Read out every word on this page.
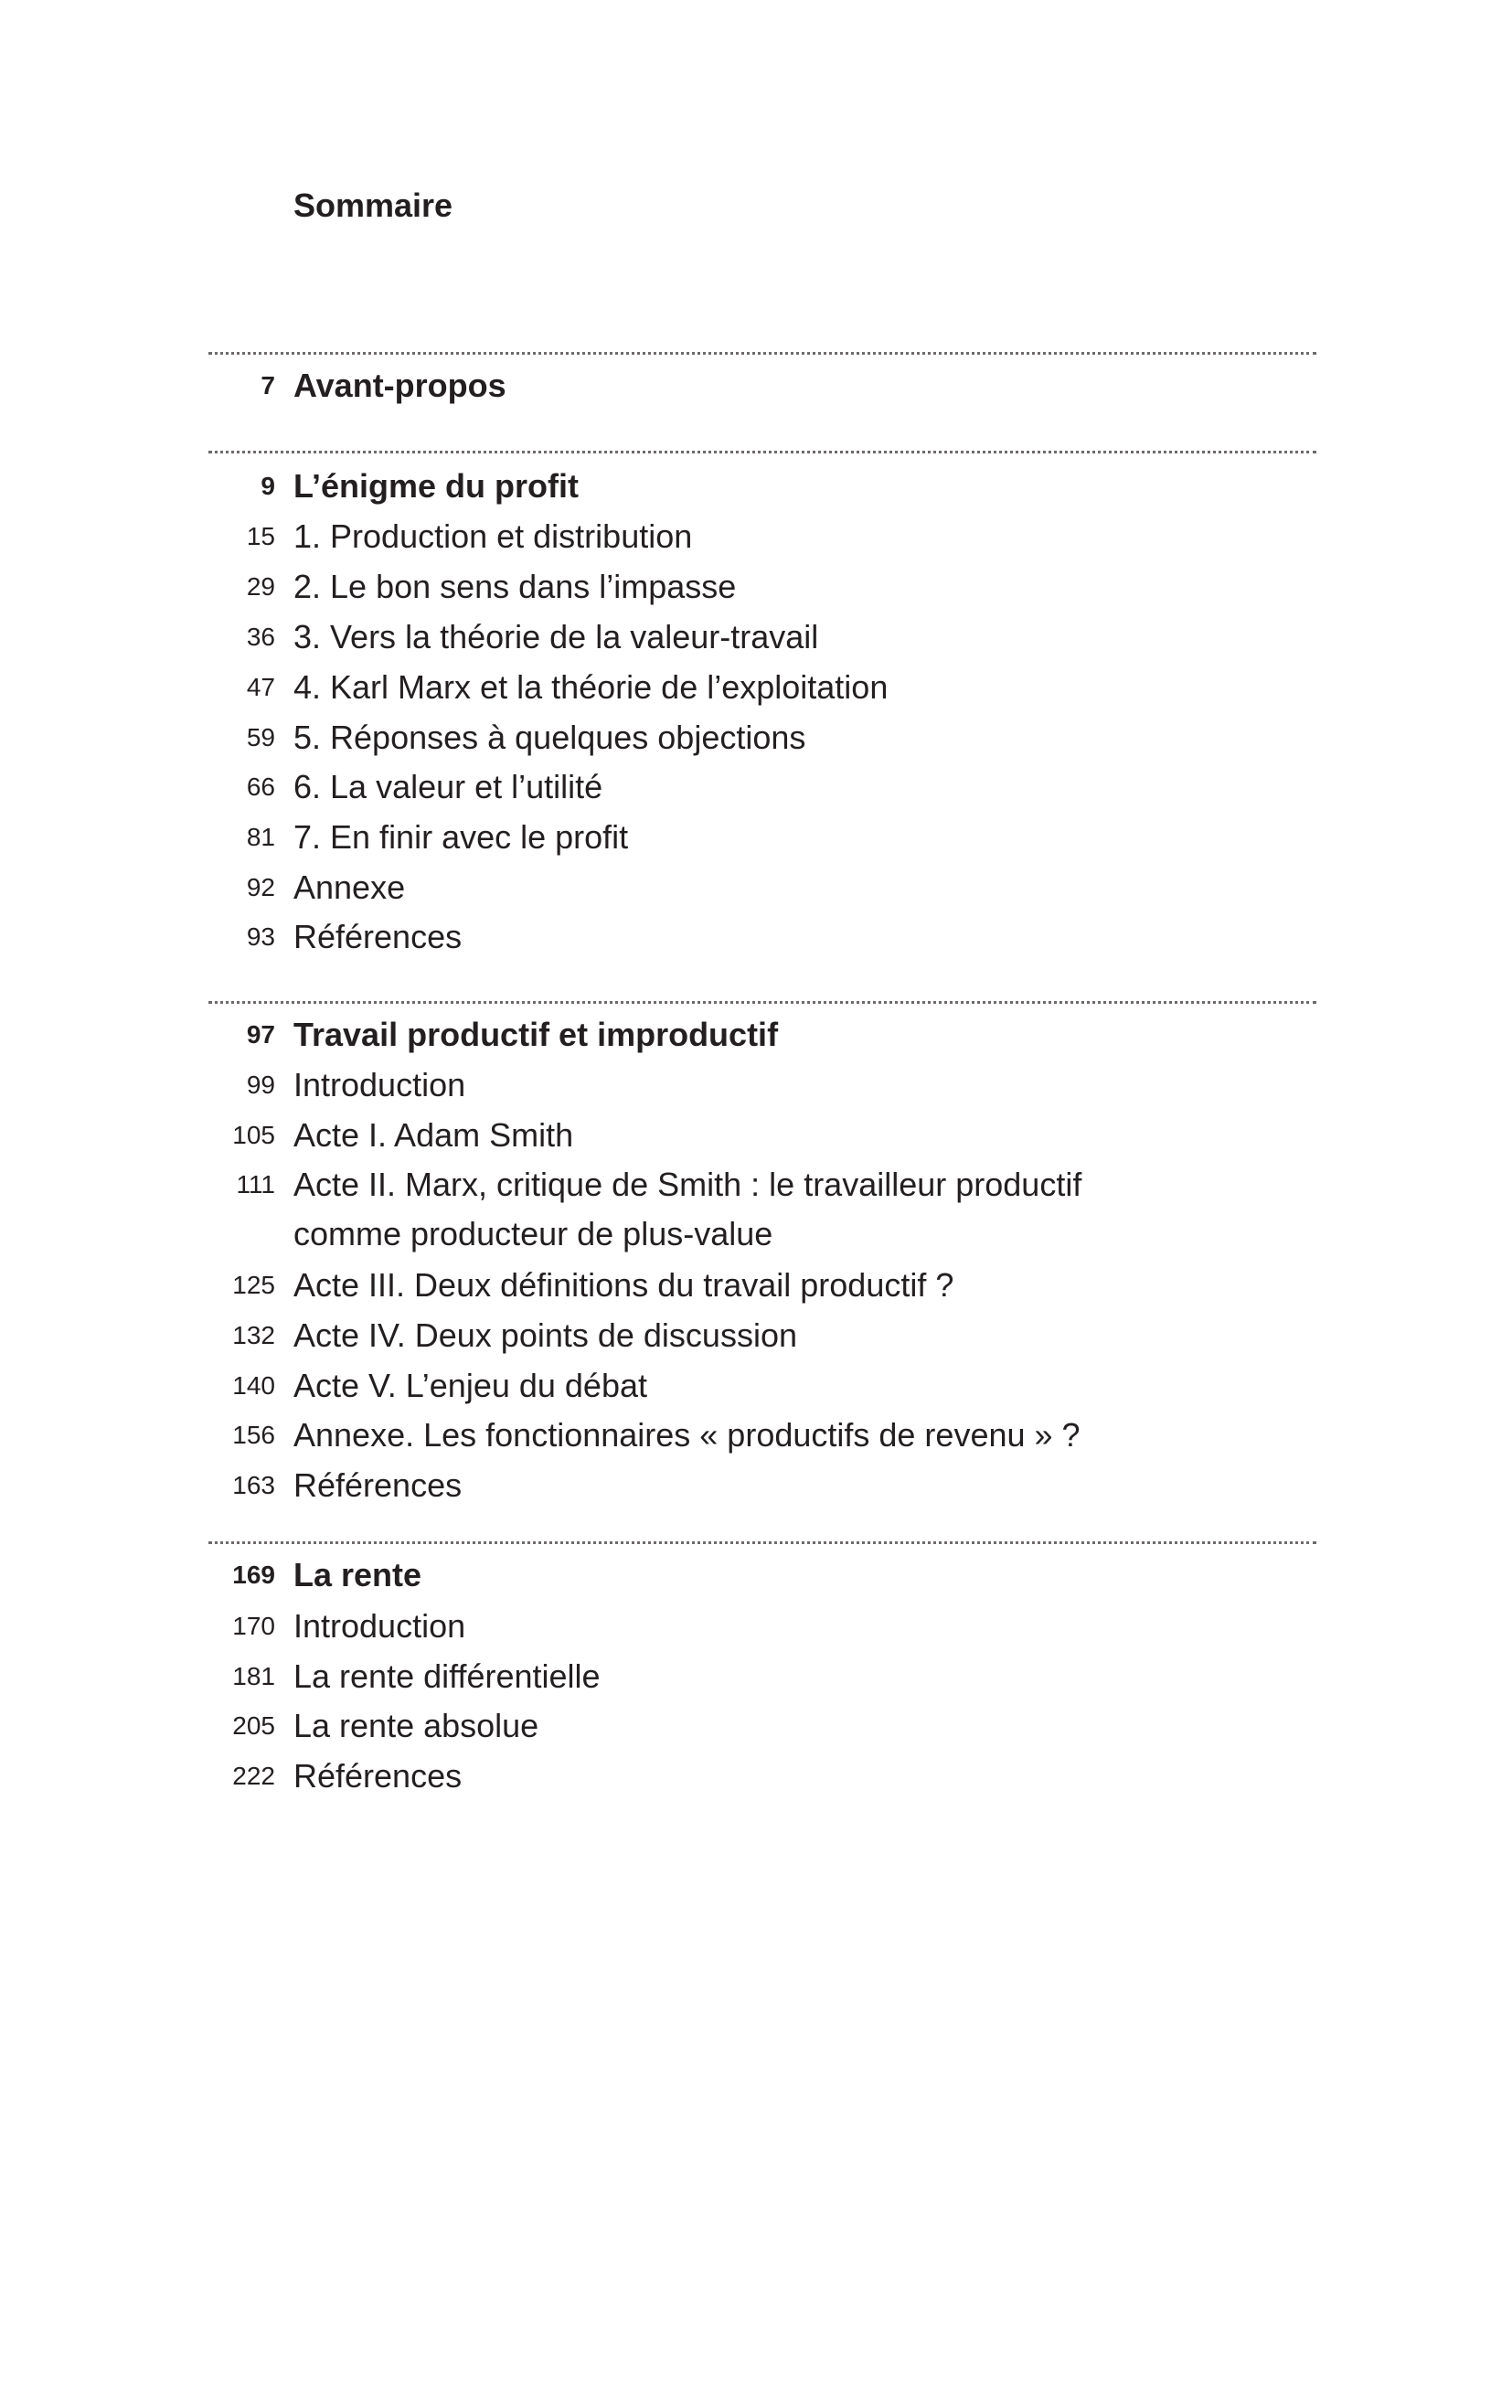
Sommaire
7 Avant-propos
9 L’énigme du profit
15 1. Production et distribution
29 2. Le bon sens dans l’impasse
36 3. Vers la théorie de la valeur-travail
47 4. Karl Marx et la théorie de l’exploitation
59 5. Réponses à quelques objections
66 6. La valeur et l’utilité
81 7. En finir avec le profit
92 Annexe
93 Références
97 Travail productif et improductif
99 Introduction
105 Acte I. Adam Smith
111 Acte II. Marx, critique de Smith : le travailleur productif
comme producteur de plus-value
125 Acte III. Deux définitions du travail productif ?
132 Acte IV. Deux points de discussion
140 Acte V. L’enjeu du débat
156 Annexe. Les fonctionnaires « productifs de revenu » ?
163 Références
169 La rente
170 Introduction
181 La rente différentielle
205 La rente absolue
222 Références
